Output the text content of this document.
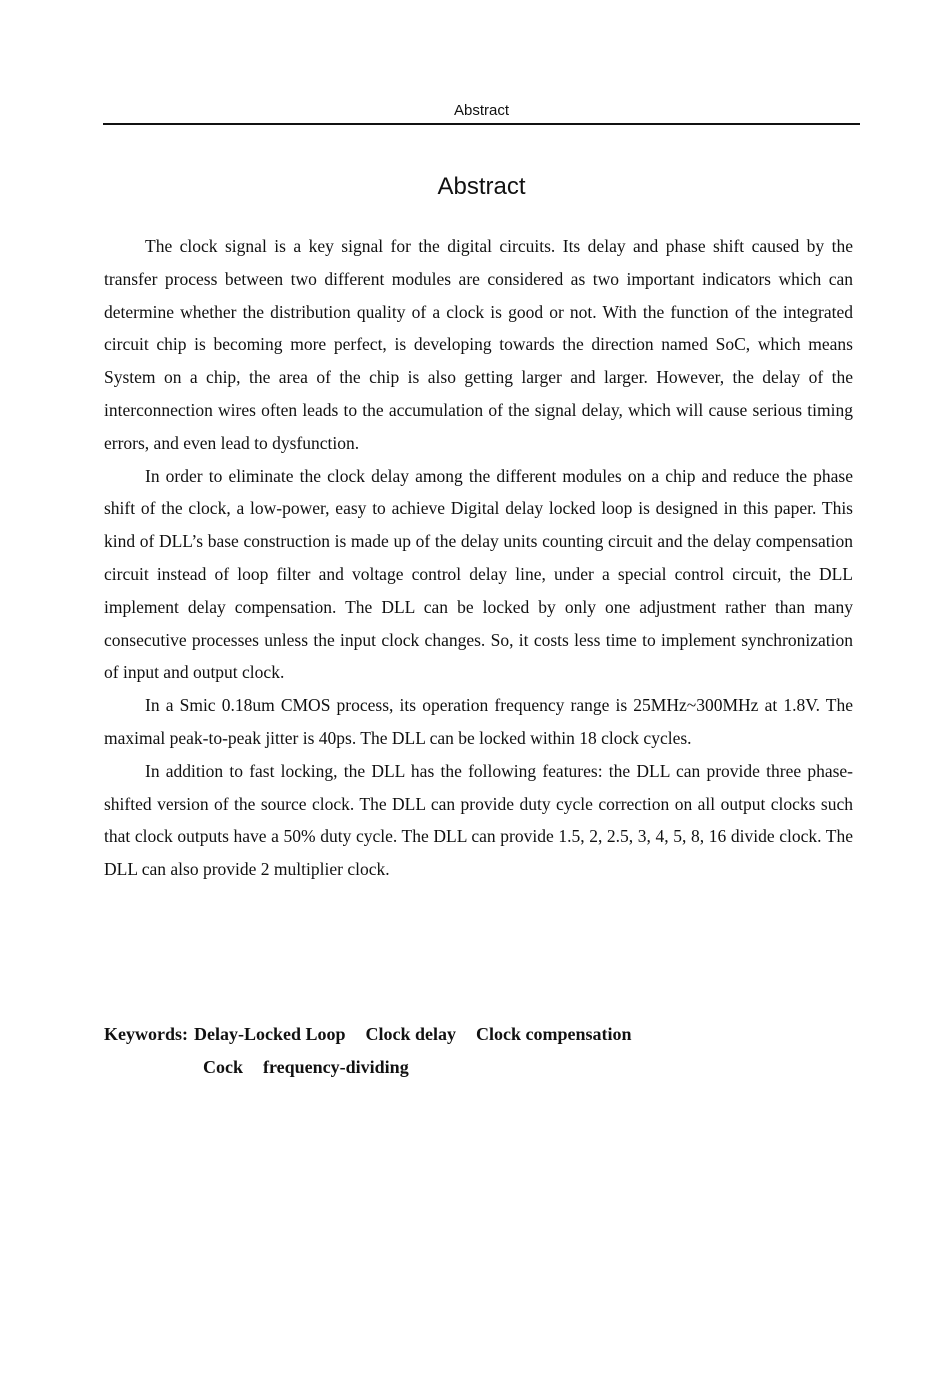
Abstract
Abstract

The clock signal is a key signal for the digital circuits. Its delay and phase shift caused by the transfer process between two different modules are considered as two important indicators which can determine whether the distribution quality of a clock is good or not. With the function of the integrated circuit chip is becoming more perfect, is developing towards the direction named SoC, which means System on a chip, the area of the chip is also getting larger and larger. However, the delay of the interconnection wires often leads to the accumulation of the signal delay, which will cause serious timing errors, and even lead to dysfunction.

In order to eliminate the clock delay among the different modules on a chip and reduce the phase shift of the clock, a low-power, easy to achieve Digital delay locked loop is designed in this paper. This kind of DLL’s base construction is made up of the delay units counting circuit and the delay compensation circuit instead of loop filter and voltage control delay line, under a special control circuit, the DLL implement delay compensation. The DLL can be locked by only one adjustment rather than many consecutive processes unless the input clock changes. So, it costs less time to implement synchronization of input and output clock.

In a Smic 0.18um CMOS process, its operation frequency range is 25MHz~300MHz at 1.8V. The maximal peak-to-peak jitter is 40ps. The DLL can be locked within 18 clock cycles.

In addition to fast locking, the DLL has the following features: the DLL can provide three phase-shifted version of the source clock. The DLL can provide duty cycle correction on all output clocks such that clock outputs have a 50% duty cycle. The DLL can provide 1.5, 2, 2.5, 3, 4, 5, 8, 16 divide clock. The DLL can also provide 2 multiplier clock.

Keywords: Delay-Locked Loop Clock delay Clock compensation
Cock frequency-dividing
